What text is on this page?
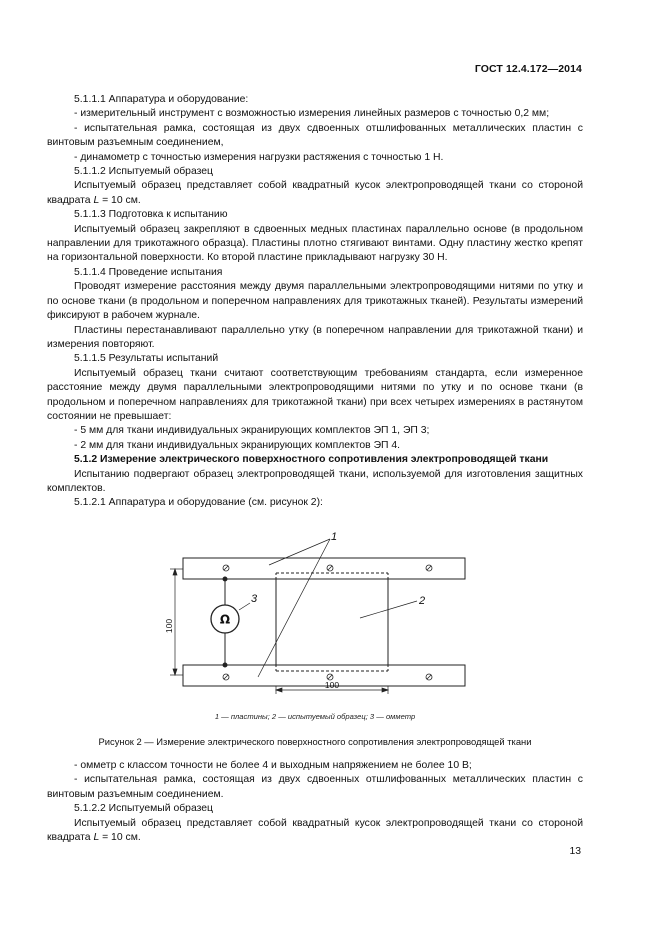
ГОСТ 12.4.172—2014

5.1.1.1 Аппаратура и оборудование:

- измерительный инструмент с возможностью измерения линейных размеров с точностью 0,2 мм;

- испытательная рамка, состоящая из двух сдвоенных отшлифованных металлических пластин с винтовым разъемным соединением,

- динамометр с точностью измерения нагрузки растяжения с точностью 1 Н.

5.1.1.2 Испытуемый образец

Испытуемый образец представляет собой квадратный кусок электропроводящей ткани со стороной квадрата L = 10 см.

5.1.1.3 Подготовка к испытанию

Испытуемый образец закрепляют в сдвоенных медных пластинах параллельно основе (в продольном направлении для трикотажного образца). Пластины плотно стягивают винтами. Одну пластину жестко крепят на горизонтальной поверхности. Ко второй пластине прикладывают нагрузку 30 Н.

5.1.1.4 Проведение испытания

Проводят измерение расстояния между двумя параллельными электропроводящими нитями по утку и по основе ткани (в продольном и поперечном направлениях для трикотажных тканей). Результаты измерений фиксируют в рабочем журнале.

Пластины перестанавливают параллельно утку (в поперечном направлении для трикотажной ткани) и измерения повторяют.

5.1.1.5 Результаты испытаний

Испытуемый образец ткани считают соответствующим требованиям стандарта, если измеренное расстояние между двумя параллельными электропроводящими нитями по утку и по основе ткани (в продольном и поперечном направлениях для трикотажной ткани) при всех четырех измерениях в растянутом состоянии не превышает:

- 5 мм для ткани индивидуальных экранирующих комплектов ЭП 1, ЭП 3;

- 2 мм для ткани индивидуальных экранирующих комплектов ЭП 4.

5.1.2 Измерение электрического поверхностного сопротивления электропроводящей ткани

Испытанию подвергают образец электропроводящей ткани, используемой для изготовления защитных комплектов.

5.1.2.1 Аппаратура и оборудование (см. рисунок 2):

Ω
100
100
1
2
3
1 — пластины; 2 — испытуемый образец; 3 — омметр
Рисунок 2 — Измерение электрического поверхностного сопротивления электропроводящей ткани

- омметр с классом точности не более 4 и выходным напряжением не более 10 В;

- испытательная рамка, состоящая из двух сдвоенных отшлифованных металлических пластин с винтовым разъемным соединением.

5.1.2.2 Испытуемый образец

Испытуемый образец представляет собой квадратный кусок электропроводящей ткани со стороной квадрата L = 10 см.

13
